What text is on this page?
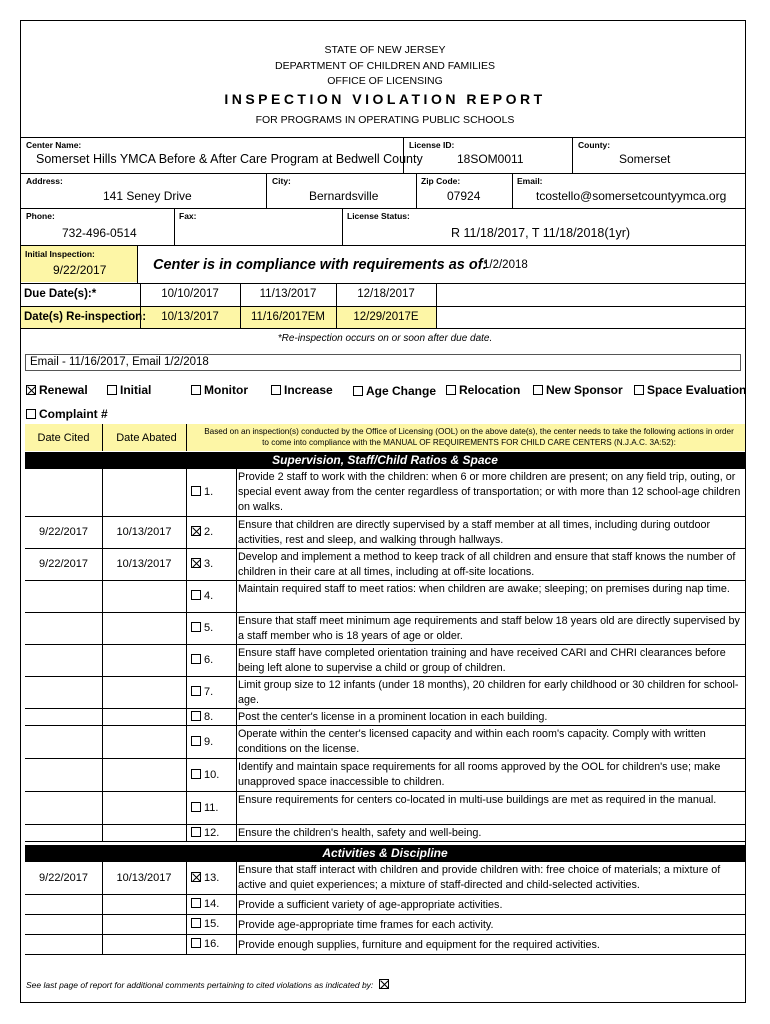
STATE OF NEW JERSEY
DEPARTMENT OF CHILDREN AND FAMILIES
OFFICE OF LICENSING
INSPECTION VIOLATION REPORT
FOR PROGRAMS IN OPERATING PUBLIC SCHOOLS
Center Name:
Somerset Hills YMCA Before & After Care Program at Bedwell County
License ID:
18SOM0011
County:
Somerset
Address:
141 Seney Drive
City:
Bernardsville
Zip Code:
07924
Email:
tcostello@somersetcountyymca.org
Phone:
732-496-0514
Fax:	License Status:
R 11/18/2017, T 11/18/2018(1yr)
Initial Inspection:
9/22/2017	Center is in compliance with requirements as of:
1/2/2018
Due Date(s):*	10/10/2017	11/13/2017	12/18/2017
Date(s) Re-inspection:	10/13/2017	11/16/2017EM	12/29/2017E
*Re-inspection occurs on or soon after due date.
Email - 11/16/2017, Email 1/2/2018
Renewal	Initial	Monitor	Increase	Age Change	Relocation	New Sponsor	Space Evaluation
Complaint #
Date Cited	Date Abated
Based on an inspection(s) conducted by the Office of Licensing (OOL) on the above date(s), the center needs to take the following actions in order to come into compliance with the MANUAL OF REQUIREMENTS FOR CHILD CARE CENTERS (N.J.A.C. 3A:52):
Supervision, Staff/Child Ratios & Space
1.
Provide 2 staff to work with the children: when 6 or more children are present; on any field trip, outing, or special event away from the center regardless of transportation; or with more than 12 school-age children on walks.
9/22/2017	10/13/2017	2.
Ensure that children are directly supervised by a staff member at all times, including during outdoor activities, rest and sleep, and walking through hallways.
9/22/2017	10/13/2017	3.
Develop and implement a method to keep track of all children and ensure that staff knows the number of children in their care at all times, including at off-site locations.
4.
Maintain required staff to meet ratios: when children are awake; sleeping; on premises during nap time.
5.
Ensure that staff meet minimum age requirements and staff below 18 years old are directly supervised by a staff member who is 18 years of age or older.
6.
Ensure staff have completed orientation training and have received CARI and CHRI clearances before being left alone to supervise a child or group of children.
7.
Limit group size to 12 infants (under 18 months), 20 children for early childhood or 30 children for school-age.
8. Post the center's license in a prominent location in each building.
9.
Operate within the center's licensed capacity and within each room's capacity. Comply with written conditions on the license.
10.
Identify and maintain space requirements for all rooms approved by the OOL for children's use; make unapproved space inaccessible to children.
11.
Ensure requirements for centers co-located in multi-use buildings are met as required in the manual.
12. Ensure the children's health, safety and well-being.
Activities & Discipline
9/22/2017	10/13/2017	13.
Ensure that staff interact with children and provide children with: free choice of materials; a mixture of active and quiet experiences; a mixture of staff-directed and child-selected activities.
14. Provide a sufficient variety of age-appropriate activities.
15. Provide age-appropriate time frames for each activity.
16. Provide enough supplies, furniture and equipment for the required activities.
See last page of report for additional comments pertaining to cited violations as indicated by:
